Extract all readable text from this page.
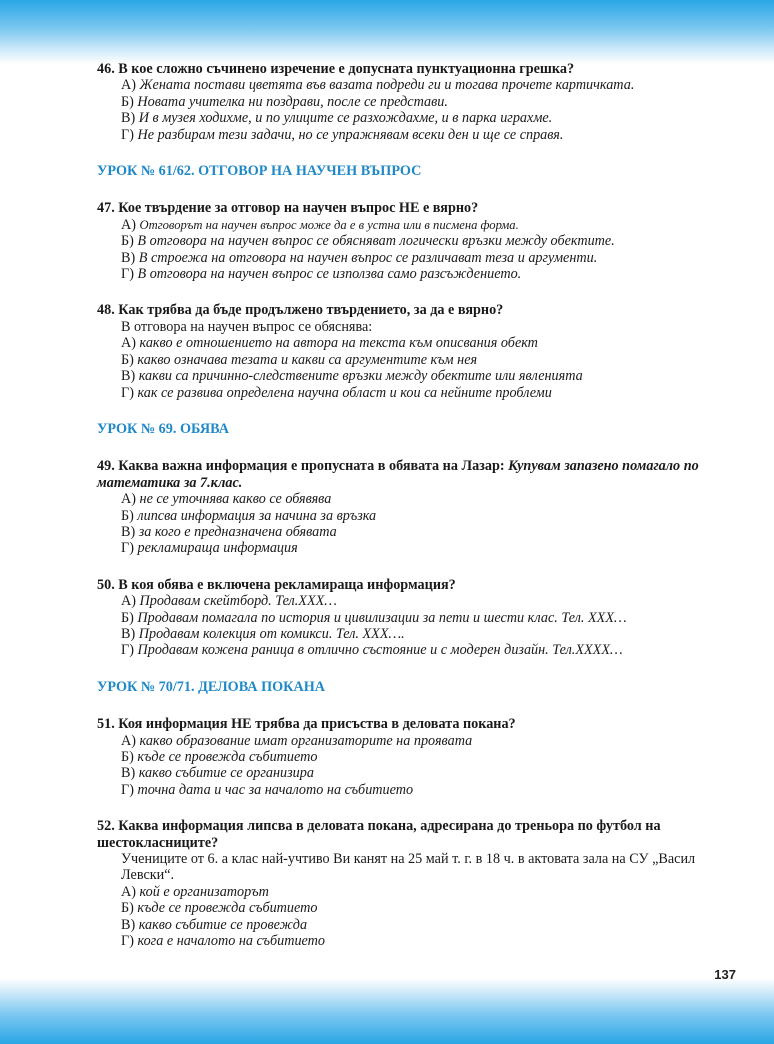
46. В кое сложно съчинено изречение е допусната пунктуационна грешка?
А) Жената постави цветята във вазата подреди ги и тогава прочете картичката.
Б) Новата учителка ни поздрави, после се представи.
В) И в музея ходихме, и по улиците се разхождахме, и в парка играхме.
Г) Не разбирам тези задачи, но се упражнявам всеки ден и ще се справя.
УРОК № 61/62. ОТГОВОР НА НАУЧЕН ВЪПРОС
47. Кое твърдение за отговор на научен въпрос НЕ е вярно?
А) Отговорът на научен въпрос може да е в устна или в писмена форма.
Б) В отговора на научен въпрос се обясняват логически връзки между обектите.
В) В строежа на отговора на научен въпрос се различават теза и аргументи.
Г) В отговора на научен въпрос се използва само разсъждението.
48. Как трябва да бъде продължено твърдението, за да е вярно?
В отговора на научен въпрос се обяснява:
А) какво е отношението на автора на текста към описвания обект
Б) какво означава тезата и какви са аргументите към нея
В) какви са причинно-следствените връзки между обектите или явленията
Г) как се развива определена научна област и кои са нейните проблеми
УРОК № 69. ОБЯВА
49. Каква важна информация е пропусната в обявата на Лазар: Купувам запазено помагало по математика за 7.клас.
А) не се уточнява какво се обявява
Б) липсва информация за начина за връзка
В) за кого е предназначена обявата
Г) рекламираща информация
50. В коя обява е включена рекламираща информация?
А) Продавам скейтборд. Тел.XXX…
Б) Продавам помагала по история и цивилизации за пети и шести клас. Тел. XXX…
В) Продавам колекция от комикси. Тел. XXX….
Г) Продавам кожена раница в отлично състояние и с модерен дизайн. Тел.XXXX…
УРОК № 70/71. ДЕЛОВА ПОКАНА
51. Коя информация НЕ трябва да присъства в деловата покана?
А) какво образование имат организаторите на проявата
Б) къде се провежда събитието
В) какво събитие се организира
Г) точна дата и час за началото на събитието
52. Каква информация липсва в деловата покана, адресирана до треньора по футбол на шестокласниците?
Учениците от 6. а клас най-учтиво Ви канят на 25 май т. г. в 18 ч. в актовата зала на СУ „Васил Левски“.
А) кой е организаторът
Б) къде се провежда събитието
В) какво събитие се провежда
Г) кога е началото на събитието
137
